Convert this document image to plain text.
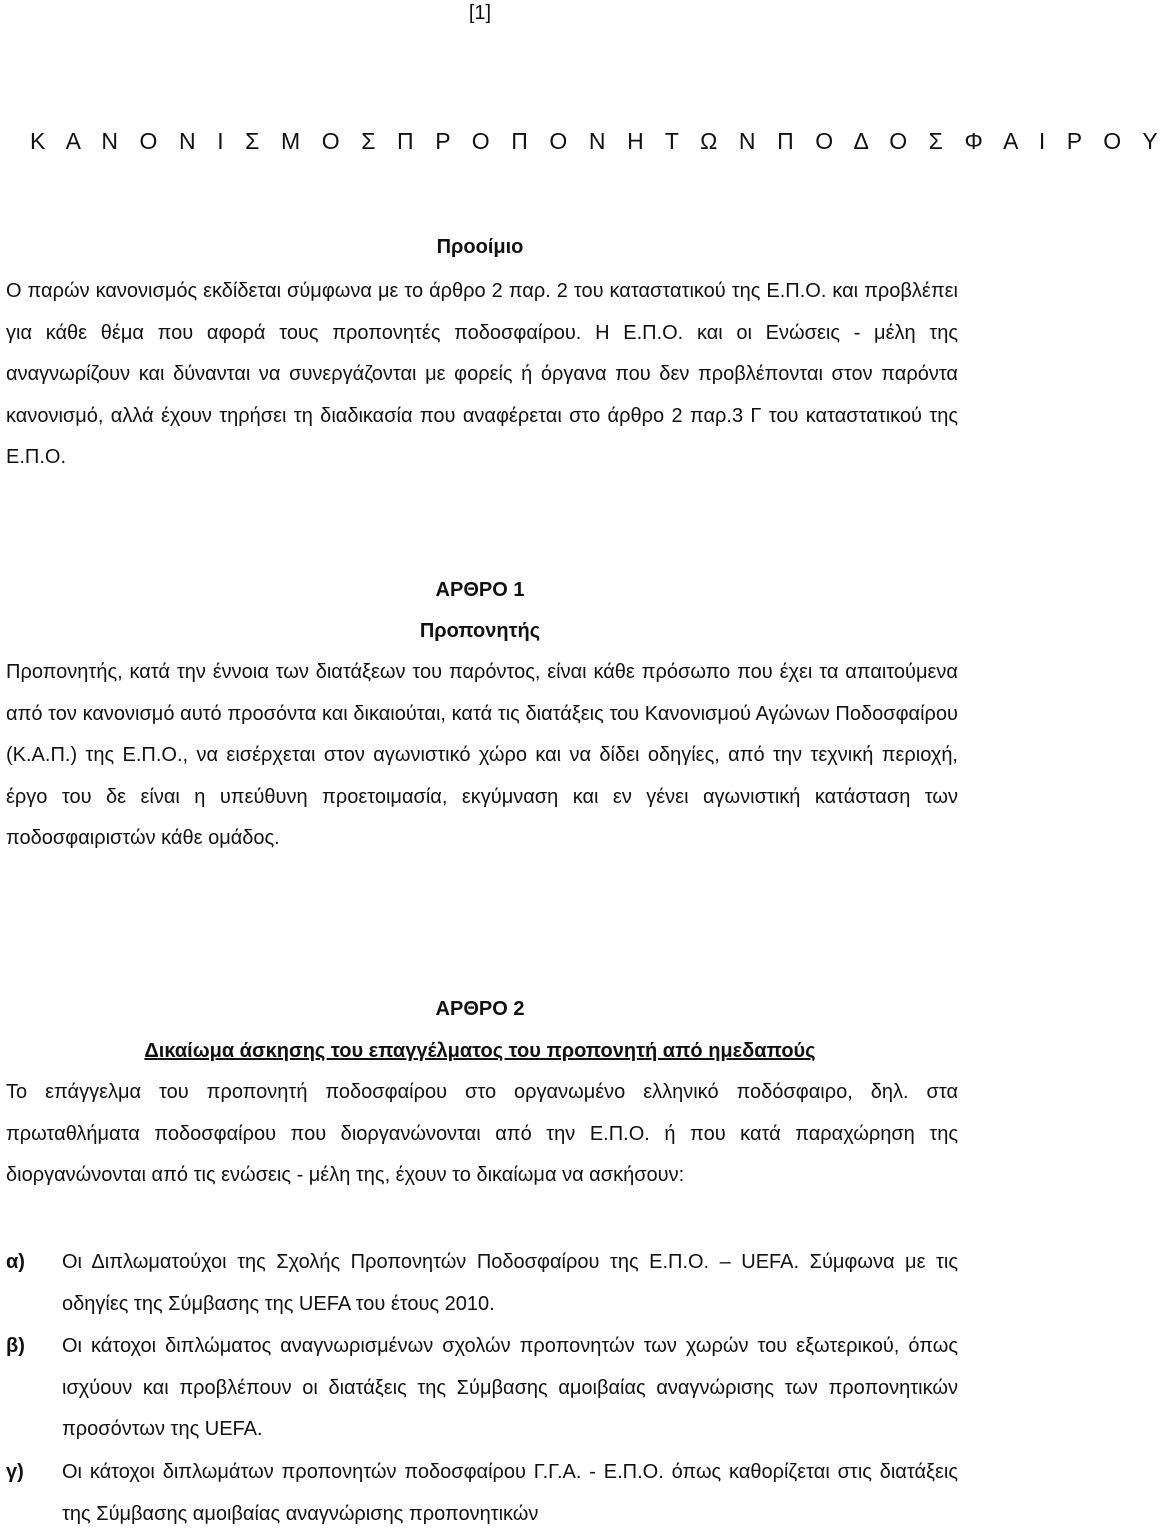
[1]
Κ Α Ν Ο Ν Ι Σ Μ Ο Σ Π Ρ Ο Π Ο Ν Η Τ Ω Ν Π Ο Δ Ο Σ Φ Α Ι Ρ Ο Υ
Προοίμιο
Ο παρών κανονισμός εκδίδεται σύμφωνα με το άρθρο 2 παρ. 2 του καταστατικού της Ε.Π.Ο. και προβλέπει για κάθε θέμα που αφορά τους προπονητές ποδοσφαίρου. Η Ε.Π.Ο. και οι Ενώσεις - μέλη της αναγνωρίζουν και δύνανται να συνεργάζονται με φορείς ή όργανα που δεν προβλέπονται στον παρόντα κανονισμό, αλλά έχουν τηρήσει τη διαδικασία που αναφέρεται στο άρθρο 2 παρ.3 Γ του καταστατικού της Ε.Π.Ο.
ΑΡΘΡΟ 1
Προπονητής
Προπονητής, κατά την έννοια των διατάξεων του παρόντος, είναι κάθε πρόσωπο που έχει τα απαιτούμενα από τον κανονισμό αυτό προσόντα και δικαιούται, κατά τις διατάξεις του Κανονισμού Αγώνων Ποδοσφαίρου (Κ.Α.Π.) της Ε.Π.Ο., να εισέρχεται στον αγωνιστικό χώρο και να δίδει οδηγίες, από την τεχνική περιοχή, έργο του δε είναι η υπεύθυνη προετοιμασία, εκγύμναση και εν γένει αγωνιστική κατάσταση των ποδοσφαιριστών κάθε ομάδος.
ΑΡΘΡΟ 2
Δικαίωμα άσκησης του επαγγέλματος του προπονητή από ημεδαπούς
Το επάγγελμα του προπονητή ποδοσφαίρου στο οργανωμένο ελληνικό ποδόσφαιρο, δηλ. στα πρωταθλήματα ποδοσφαίρου που διοργανώνονται από την Ε.Π.Ο. ή που κατά παραχώρηση της διοργανώνονται από τις ενώσεις - μέλη της, έχουν το δικαίωμα να ασκήσουν:
α) Οι Διπλωματούχοι της Σχολής Προπονητών Ποδοσφαίρου της Ε.Π.Ο. – UEFA. Σύμφωνα με τις οδηγίες της Σύμβασης της UEFA του έτους 2010.
β) Οι κάτοχοι διπλώματος αναγνωρισμένων σχολών προπονητών των χωρών του εξωτερικού, όπως ισχύουν και προβλέπουν οι διατάξεις της Σύμβασης αμοιβαίας αναγνώρισης των προπονητικών προσόντων της UEFA.
γ) Οι κάτοχοι διπλωμάτων προπονητών ποδοσφαίρου Γ.Γ.Α. - Ε.Π.Ο. όπως καθορίζεται στις διατάξεις της Σύμβασης αμοιβαίας αναγνώρισης προπονητικών
